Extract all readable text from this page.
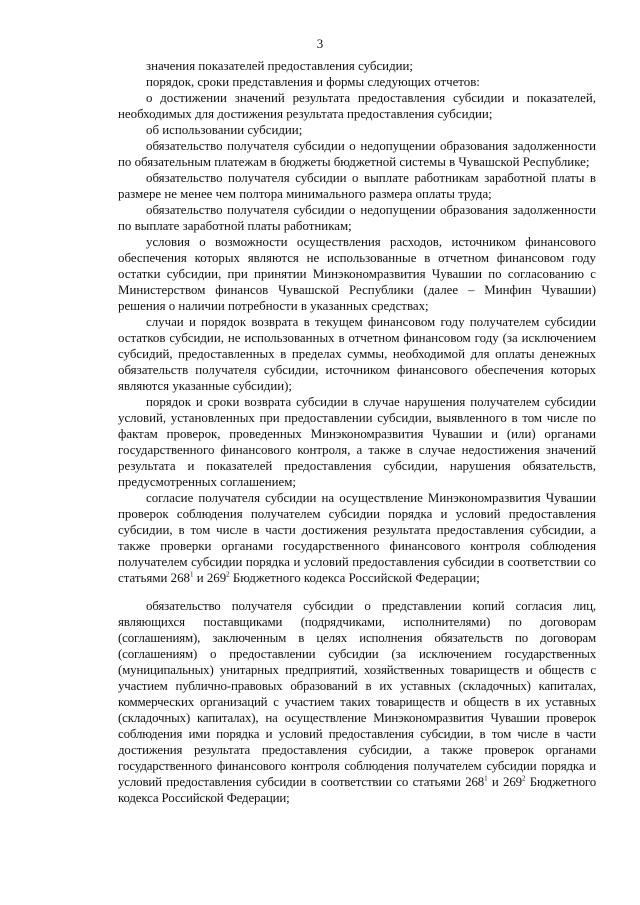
3

значения показателей предоставления субсидии;

порядок, сроки представления и формы следующих отчетов:

о достижении значений результата предоставления субсидии и показателей, необходимых для достижения результата предоставления субсидии;

об использовании субсидии;

обязательство получателя субсидии о недопущении образования задолженности по обязательным платежам в бюджеты бюджетной системы в Чувашской Республике;

обязательство получателя субсидии о выплате работникам заработной платы в размере не менее чем полтора минимального размера оплаты труда;

обязательство получателя субсидии о недопущении образования задолженности по выплате заработной платы работникам;

условия о возможности осуществления расходов, источником финансового обеспечения которых являются не использованные в отчетном финансовом году остатки субсидии, при принятии Минэкономразвития Чувашии по согласованию с Министерством финансов Чувашской Республики (далее – Минфин Чувашии) решения о наличии потребности в указанных средствах;

случаи и порядок возврата в текущем финансовом году получателем субсидии остатков субсидии, не использованных в отчетном финансовом году (за исключением субсидий, предоставленных в пределах суммы, необходимой для оплаты денежных обязательств получателя субсидии, источником финансового обеспечения которых являются указанные субсидии);

порядок и сроки возврата субсидии в случае нарушения получателем субсидии условий, установленных при предоставлении субсидии, выявленного в том числе по фактам проверок, проведенных Минэкономразвития Чувашии и (или) органами государственного финансового контроля, а также в случае недостижения значений результата и показателей предоставления субсидии, нарушения обязательств, предусмотренных соглашением;

согласие получателя субсидии на осуществление Минэкономразвития Чувашии проверок соблюдения получателем субсидии порядка и условий предоставления субсидии, в том числе в части достижения результата предоставления субсидии, а также проверки органами государственного финансового контроля соблюдения получателем субсидии порядка и условий предоставления субсидии в соответствии со статьями $268^1$ и $269^2$ Бюджетного кодекса Российской Федерации;

обязательство получателя субсидии о представлении копий согласия лиц, являющихся поставщиками (подрядчиками, исполнителями) по договорам (соглашениям), заключенным в целях исполнения обязательств по договорам (соглашениям) о предоставлении субсидии (за исключением государственных (муниципальных) унитарных предприятий, хозяйственных товариществ и обществ с участием публично-правовых образований в их уставных (складочных) капиталах, коммерческих организаций с участием таких товариществ и обществ в их уставных (складочных) капиталах), на осуществление Минэкономразвития Чувашии проверок соблюдения ими порядка и условий предоставления субсидии, в том числе в части достижения результата предоставления субсидии, а также проверок органами государственного финансового контроля соблюдения получателем субсидии порядка и условий предоставления субсидии в соответствии со статьями $268^1$ и $269^2$ Бюджетного кодекса Российской Федерации;
